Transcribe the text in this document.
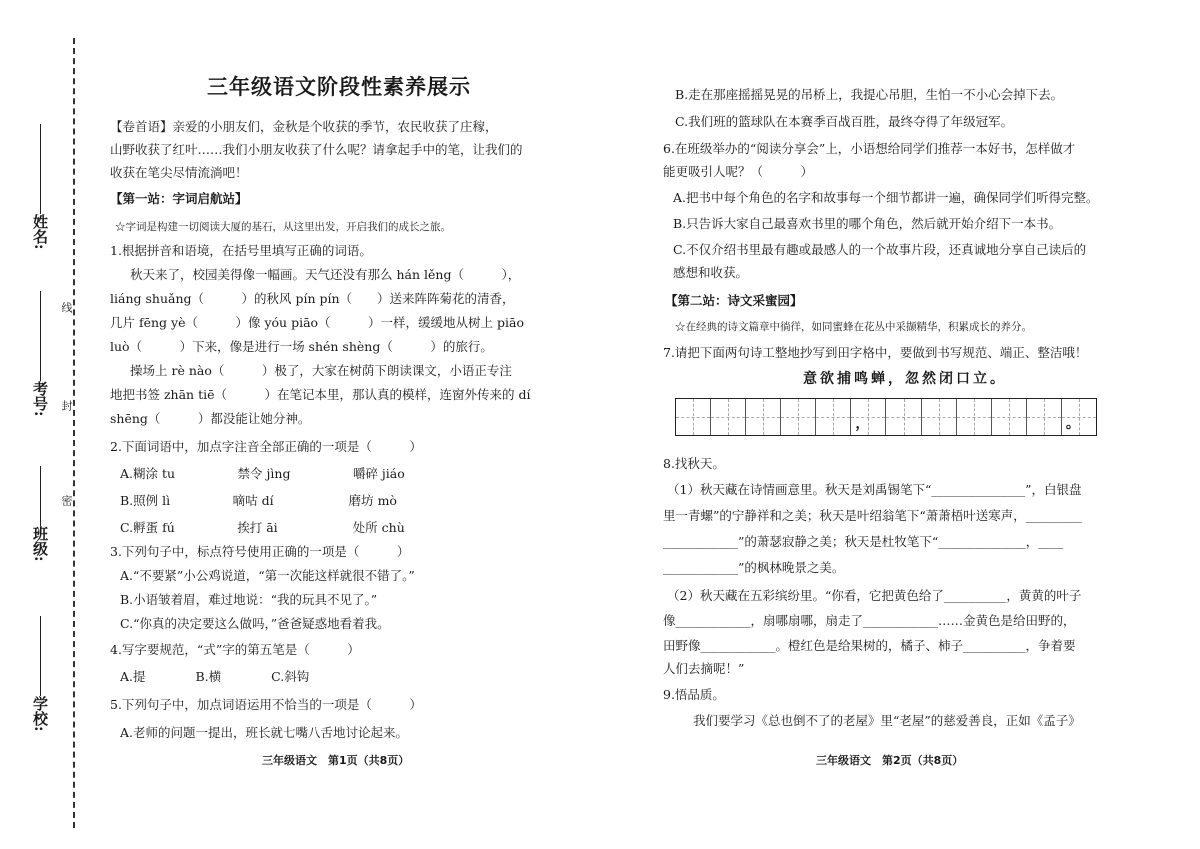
线
封
密
姓名:
考号:
班级:
学校:
三年级语文阶段性素养展示
【卷首语】亲爱的小朋友们，金秋是个收获的季节，农民收获了庄稼，
山野收获了红叶……我们小朋友收获了什么呢？请拿起手中的笔，让我们的
收获在笔尖尽情流淌吧！
【第一站：字词启航站】
☆字词是构建一切阅读大厦的基石，从这里出发，开启我们的成长之旅。
1.根据拼音和语境，在括号里填写正确的词语。
秋天来了，校园美得像一幅画。天气还没有那么 hán lěng（　　　），
liáng shuǎng（　　　）的秋风 pín pín（　　）送来阵阵菊花的清香，
几片 fēng yè（　　　）像 yóu piāo（　　　）一样，缓缓地从树上 piāo
luò（　　　）下来，像是进行一场 shén shèng（　　　）的旅行。
操场上 rè nào（　　　）极了，大家在树荫下朗读课文，小语正专注
地把书签 zhān tiē（　　　）在笔记本里，那认真的模样，连窗外传来的 dí
shēng（　　　）都没能让她分神。
2.下面词语中，加点字注音全部正确的一项是（　　　）
A.糊涂 tu　　　　　禁令 jìng　　　　　嚼碎 jiáo
B.照例 lì　　　　　嘀咕 dí　　　　　　磨坊 mò
C.孵蛋 fú　　　　　挨打 āi　　　　　　处所 chù
3.下列句子中，标点符号使用正确的一项是（　　　）
A.“不要紧”小公鸡说道，“第一次能这样就很不错了。”
B.小语皱着眉，难过地说：“我的玩具不见了。”
C.“你真的决定要这么做吗，”爸爸疑惑地看着我。
4.写字要规范，“式”字的第五笔是（　　　）
A.提　　　　B.横　　　　C.斜钩
5.下列句子中，加点词语运用不恰当的一项是（　　　）
A.老师的问题一提出，班长就七嘴八舌地讨论起来。
三年级语文　第1页（共8页）
B.走在那座摇摇晃晃的吊桥上，我提心吊胆，生怕一不小心会掉下去。
C.我们班的篮球队在本赛季百战百胜，最终夺得了年级冠军。
6.在班级举办的“阅读分享会”上，小语想给同学们推荐一本好书，怎样做才
能更吸引人呢？（　　　）
A.把书中每个角色的名字和故事每一个细节都讲一遍，确保同学们听得完整。
B.只告诉大家自己最喜欢书里的哪个角色，然后就开始介绍下一本书。
C.不仅介绍书里最有趣或最感人的一个故事片段，还真诚地分享自己读后的
感想和收获。
【第二站：诗文采蜜园】
☆在经典的诗文篇章中徜徉，如同蜜蜂在花丛中采撷精华，积累成长的养分。
7.请把下面两句诗工整地抄写到田字格中，要做到书写规范、端正、整洁哦！
意欲捕鸣蝉，忽然闭口立。
8.找秋天。
（1）秋天藏在诗情画意里。秋天是刘禹锡笔下“_______________”，白银盘
里一青螺”的宁静祥和之美；秋天是叶绍翁笔下“萧萧梧叶送寒声，_________
____________”的萧瑟寂静之美；秋天是杜牧笔下“______________，____
____________”的枫林晚景之美。
（2）秋天藏在五彩缤纷里。“你看，它把黄色给了__________，黄黄的叶子
像____________，扇哪扇哪，扇走了____________……金黄色是给田野的，
田野像____________。橙红色是给果树的，橘子、柿子__________，争着要
人们去摘呢！”
9.悟品质。
我们要学习《总也倒不了的老屋》里“老屋”的慈爱善良，正如《孟子》
三年级语文　第2页（共8页）
，	。
